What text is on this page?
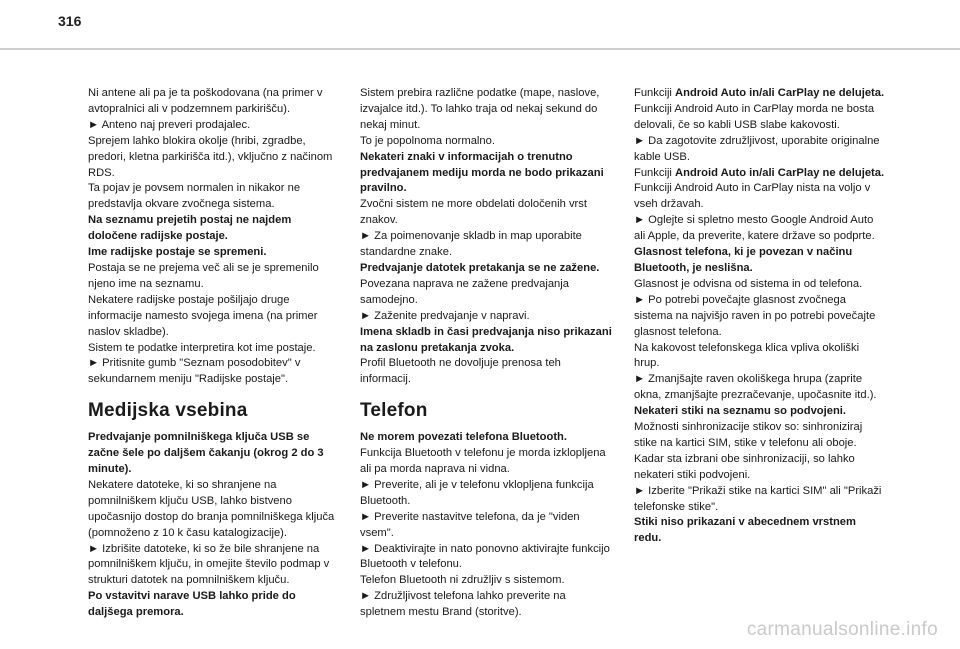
316

Ni antene ali pa je ta poškodovana (na primer v avtopralnici ali v podzemnem parkirišču).

► Anteno naj preveri prodajalec.

Sprejem lahko blokira okolje (hribi, zgradbe, predori, kletna parkirišča itd.), vključno z načinom RDS.

Ta pojav je povsem normalen in nikakor ne predstavlja okvare zvočnega sistema.

Na seznamu prejetih postaj ne najdem določene radijske postaje.

Ime radijske postaje se spremeni.

Postaja se ne prejema več ali se je spremenilo njeno ime na seznamu.

Nekatere radijske postaje pošiljajo druge informacije namesto svojega imena (na primer naslov skladbe).

Sistem te podatke interpretira kot ime postaje.

► Pritisnite gumb "Seznam posodobitev" v sekundarnem meniju "Radijske postaje".

Medijska vsebina

Predvajanje pomnilniškega ključa USB se začne šele po daljšem čakanju (okrog 2 do 3 minute).

Nekatere datoteke, ki so shranjene na pomnilniškem ključu USB, lahko bistveno upočasnijo dostop do branja pomnilniškega ključa (pomnoženo z 10 k času katalogizacije).

► Izbrišite datoteke, ki so že bile shranjene na pomnilniškem ključu, in omejite število podmap v strukturi datotek na pomnilniškem ključu.

Po vstavitvi narave USB lahko pride do daljšega premora.

Sistem prebira različne podatke (mape, naslove, izvajalce itd.). To lahko traja od nekaj sekund do nekaj minut.

To je popolnoma normalno.

Nekateri znaki v informacijah o trenutno predvajanem mediju morda ne bodo prikazani pravilno.

Zvočni sistem ne more obdelati določenih vrst znakov.

► Za poimenovanje skladb in map uporabite standardne znake.

Predvajanje datotek pretakanja se ne zažene.

Povezana naprava ne zažene predvajanja samodejno.

► Zaženite predvajanje v napravi.

Imena skladb in časi predvajanja niso prikazani na zaslonu pretakanja zvoka.

Profil Bluetooth ne dovoljuje prenosa teh informacij.

Telefon

Ne morem povezati telefona Bluetooth.

Funkcija Bluetooth v telefonu je morda izklopljena ali pa morda naprava ni vidna.

► Preverite, ali je v telefonu vklopljena funkcija Bluetooth.

► Preverite nastavitve telefona, da je "viden vsem".

► Deaktivirajte in nato ponovno aktivirajte funkcijo Bluetooth v telefonu.

Telefon Bluetooth ni združljiv s sistemom.

► Združljivost telefona lahko preverite na spletnem mestu Brand (storitve).

Funkciji Android Auto in/ali CarPlay ne delujeta.

Funkciji Android Auto in CarPlay morda ne bosta delovali, če so kabli USB slabe kakovosti.

► Da zagotovite združljivost, uporabite originalne kable USB.

Funkciji Android Auto in/ali CarPlay ne delujeta.

Funkciji Android Auto in CarPlay nista na voljo v vseh državah.

► Oglejte si spletno mesto Google Android Auto ali Apple, da preverite, katere države so podprte.

Glasnost telefona, ki je povezan v načinu Bluetooth, je neslišna.

Glasnost je odvisna od sistema in od telefona.

► Po potrebi povečajte glasnost zvočnega sistema na najvišjo raven in po potrebi povečajte glasnost telefona.

Na kakovost telefonskega klica vpliva okoliški hrup.

► Zmanjšajte raven okoliškega hrupa (zaprite okna, zmanjšajte prezračevanje, upočasnite itd.).

Nekateri stiki na seznamu so podvojeni.

Možnosti sinhronizacije stikov so: sinhroniziraj stike na kartici SIM, stike v telefonu ali oboje. Kadar sta izbrani obe sinhronizaciji, so lahko nekateri stiki podvojeni.

► Izberite "Prikaži stike na kartici SIM" ali "Prikaži telefonske stike".

Stiki niso prikazani v abecednem vrstnem redu.

carmanualsonline.info
